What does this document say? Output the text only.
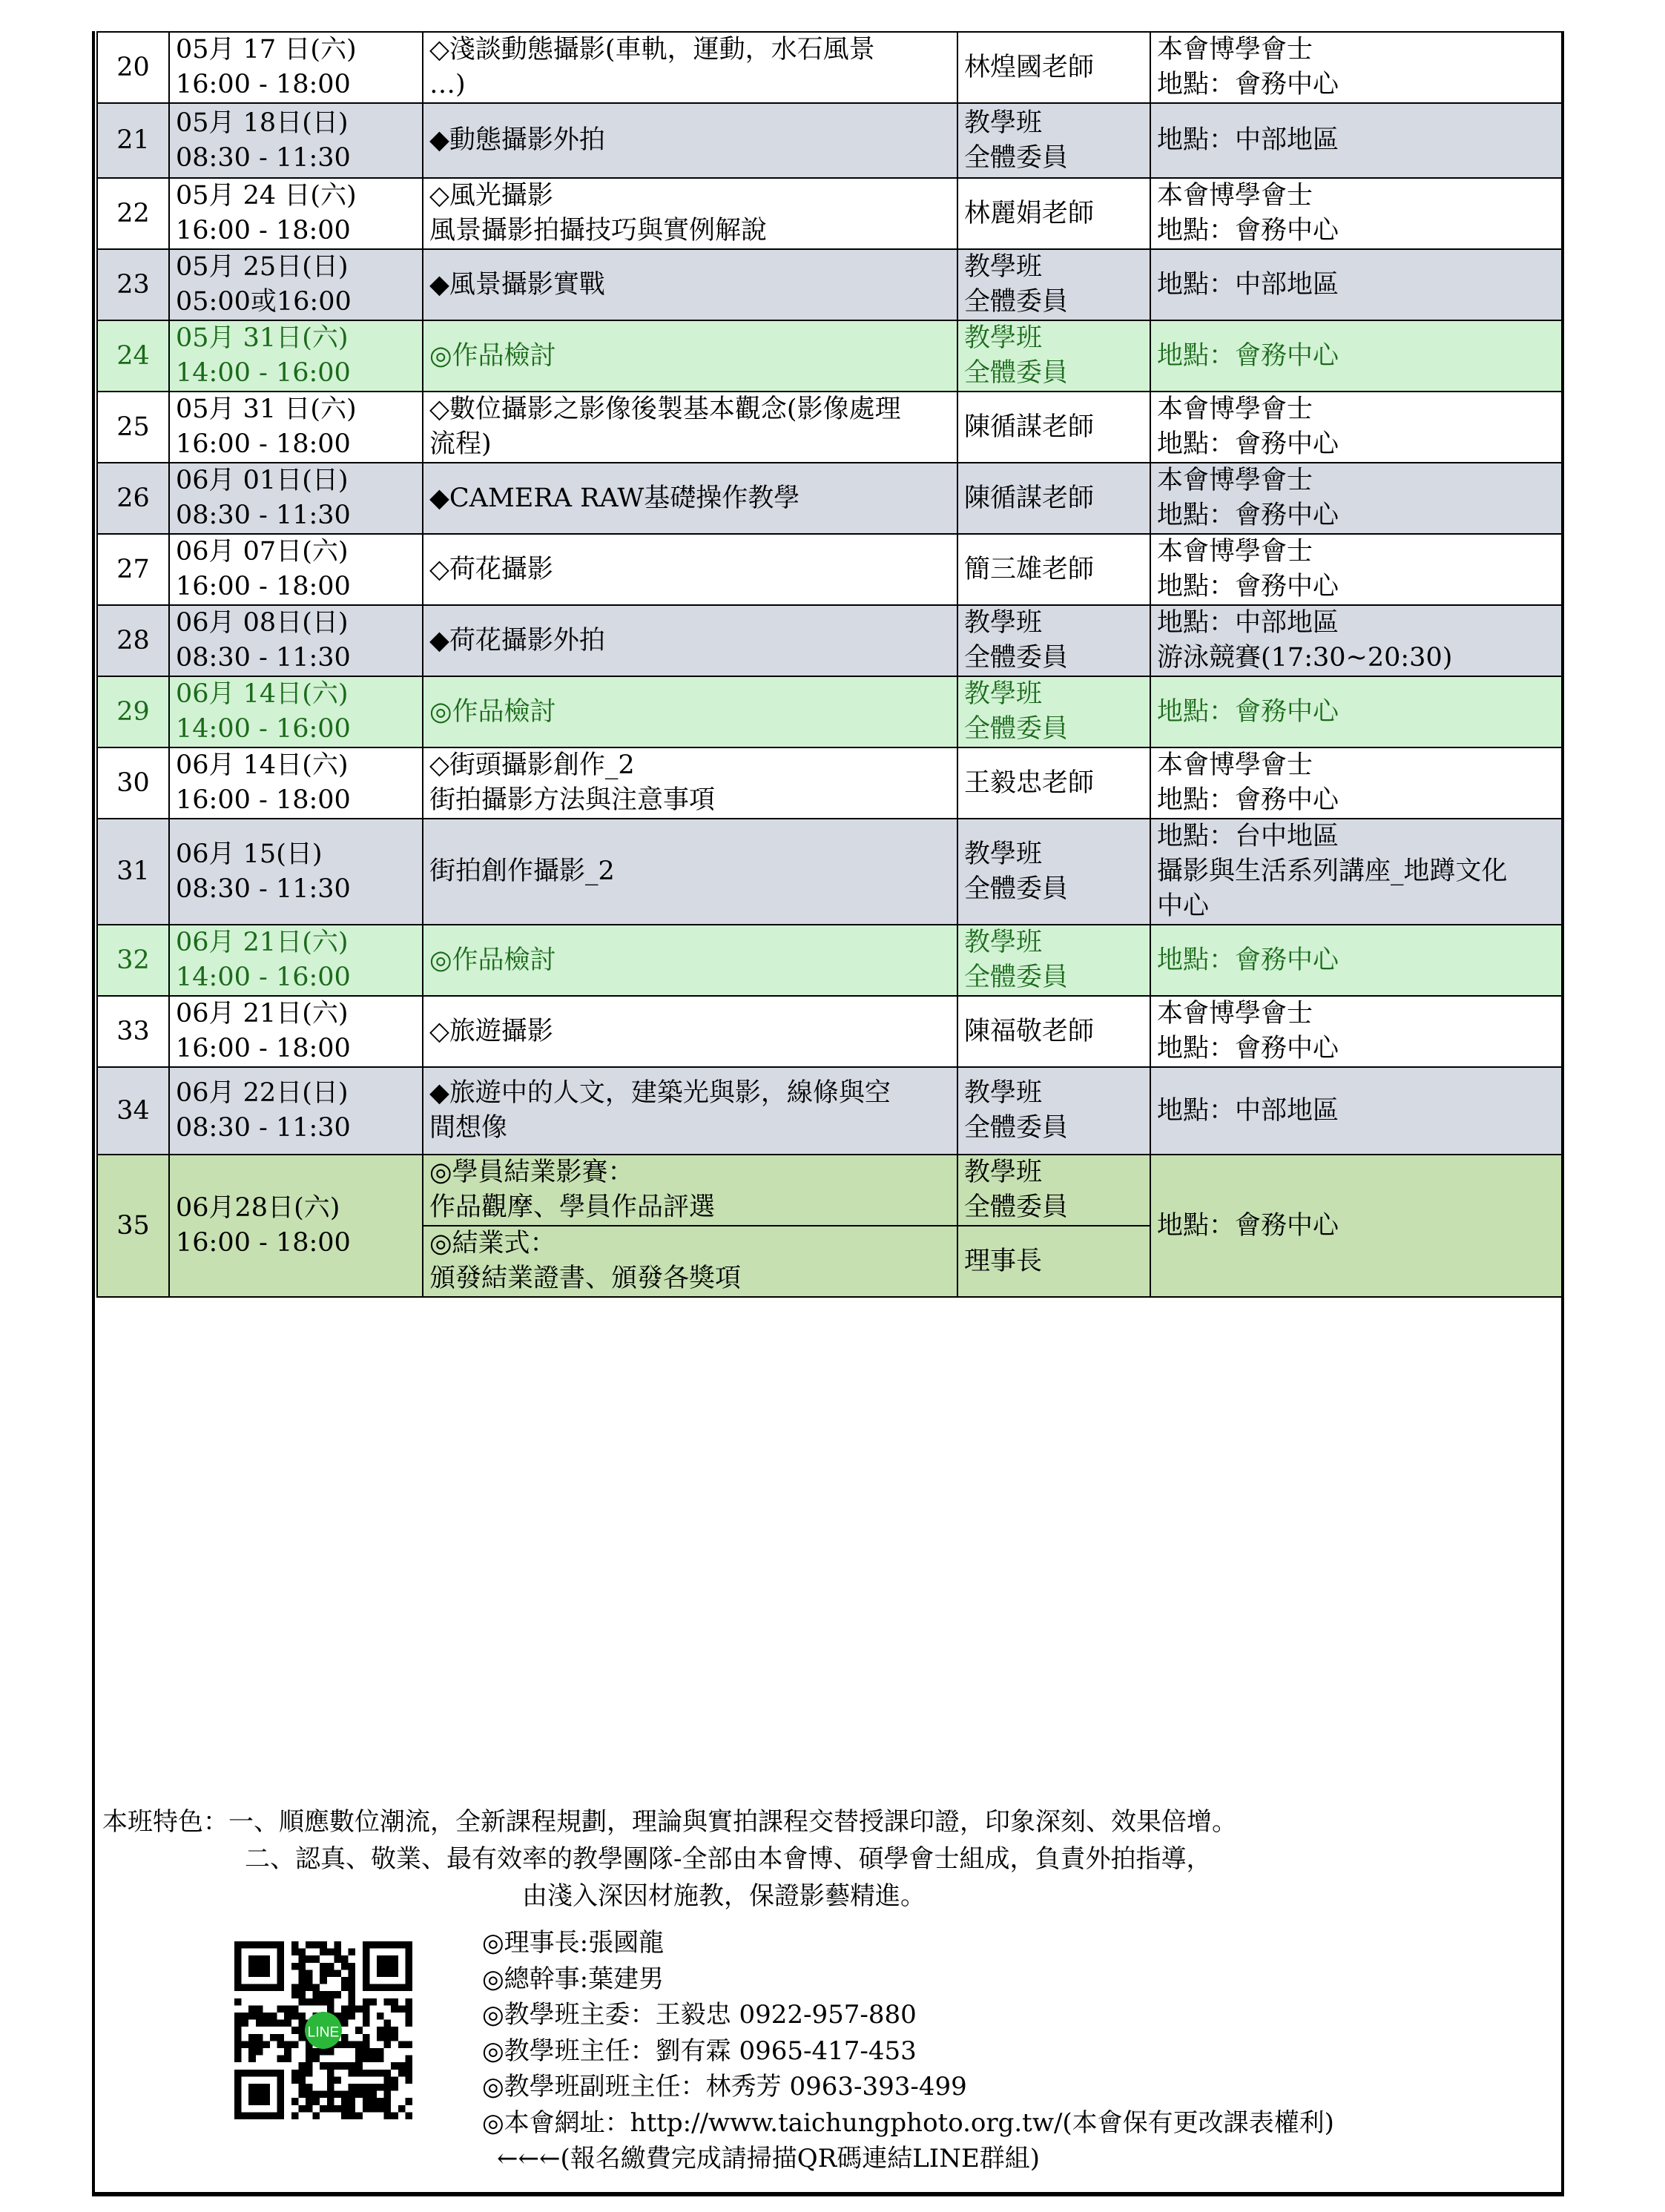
20	05月 17 日(六)
16:00 - 18:00	◇淺談動態攝影(車軌，運動，水石風景
…)	林煌國老師	本會博學會士
地點：會務中心

21	05月 18日(日)
08:30 - 11:30	◆動態攝影外拍	教學班
全體委員	地點：中部地區

22	05月 24 日(六)
16:00 - 18:00	◇風光攝影
風景攝影拍攝技巧與實例解說	林麗娟老師	本會博學會士
地點：會務中心

23	05月 25日(日)
05:00或16:00	◆風景攝影實戰	教學班
全體委員	地點：中部地區

24	05月 31日(六)
14:00 - 16:00	◎作品檢討	教學班
全體委員	地點：會務中心

25	05月 31 日(六)
16:00 - 18:00	◇數位攝影之影像後製基本觀念(影像處理
流程)	陳循謀老師	本會博學會士
地點：會務中心

26	06月 01日(日)
08:30 - 11:30	◆CAMERA RAW基礎操作教學	陳循謀老師	本會博學會士
地點：會務中心

27	06月 07日(六)
16:00 - 18:00	◇荷花攝影	簡三雄老師	本會博學會士
地點：會務中心

28	06月 08日(日)
08:30 - 11:30	◆荷花攝影外拍	教學班
全體委員	地點：中部地區
游泳競賽(17:30~20:30)

29	06月 14日(六)
14:00 - 16:00	◎作品檢討	教學班
全體委員	地點：會務中心

30	06月 14日(六)
16:00 - 18:00	◇街頭攝影創作_2
街拍攝影方法與注意事項	王毅忠老師	本會博學會士
地點：會務中心

31	06月 15(日)
08:30 - 11:30	街拍創作攝影_2	教學班
全體委員	地點：台中地區
攝影與生活系列講座_地蹲文化
中心

32	06月 21日(六)
14:00 - 16:00	◎作品檢討	教學班
全體委員	地點：會務中心

33	06月 21日(六)
16:00 - 18:00	◇旅遊攝影	陳福敬老師	本會博學會士
地點：會務中心

34	06月 22日(日)
08:30 - 11:30	◆旅遊中的人文，建築光與影，線條與空
間想像	教學班
全體委員	地點：中部地區

35	06月28日(六)
16:00 - 18:00	◎學員結業影賽：
作品觀摩、學員作品評選	教學班
全體委員	地點：會務中心

		◎結業式：
頒發結業證書、頒發各獎項	理事長	
本班特色：一、順應數位潮流，全新課程規劃，理論與實拍課程交替授課印證，印象深刻、效果倍增。
二、認真、敬業、最有效率的教學團隊-全部由本會博、碩學會士組成，負責外拍指導，
由淺入深因材施教，保證影藝精進。
◎理事長:張國龍
◎總幹事:葉建男
◎教學班主委：王毅忠 0922-957-880
◎教學班主任：劉有霖 0965-417-453
◎教學班副班主任：林秀芳 0963-393-499
◎本會網址：http://www.taichungphoto.org.tw/(本會保有更改課表權利)
←←←(報名繳費完成請掃描QR碼連結LINE群組)
LINE
